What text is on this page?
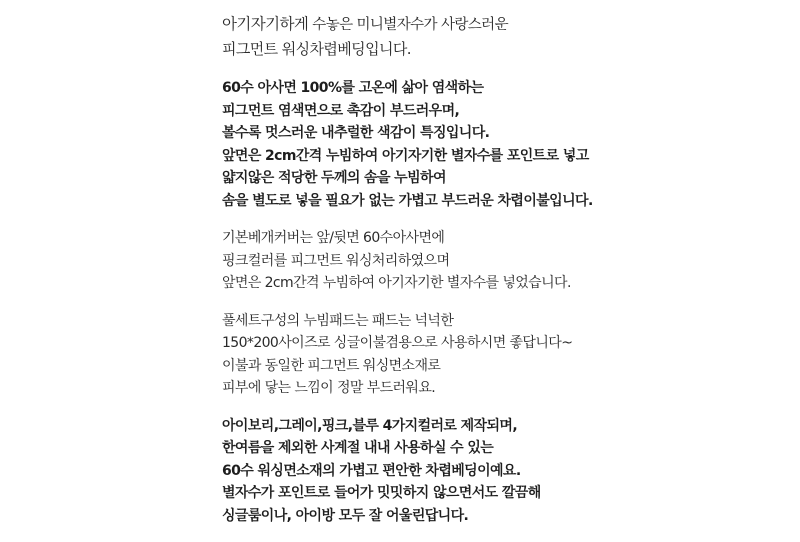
아기자기하게 수놓은 미니별자수가 사랑스러운
피그먼트 워싱차렵베딩입니다.
60수 아사면 100%를 고온에 삶아 염색하는
피그먼트 염색면으로 촉감이 부드러우며,
볼수록 멋스러운 내추럴한 색감이 특징입니다.
앞면은 2cm간격 누빔하여 아기자기한 별자수를 포인트로 넣고
얇지않은 적당한 두께의 솜을 누빔하여
솜을 별도로 넣을 필요가 없는 가볍고 부드러운 차렵이불입니다.
기본베개커버는 앞/뒷면 60수아사면에
핑크컬러를 피그먼트 워싱처리하였으며
앞면은 2cm간격 누빔하여 아기자기한 별자수를 넣었습니다.
풀세트구성의 누빔패드는 패드는 넉넉한
150*200사이즈로 싱글이불겸용으로 사용하시면 좋답니다~
이불과 동일한 피그먼트 워싱면소재로
피부에 닿는 느낌이 정말 부드러워요.
아이보리,그레이,핑크,블루 4가지컬러로 제작되며,
한여름을 제외한 사계절 내내 사용하실 수 있는
60수 워싱면소재의 가볍고 편안한 차렵베딩이예요.
별자수가 포인트로 들어가 밋밋하지 않으면서도 깔끔해
싱글룸이나, 아이방 모두 잘 어울린답니다.
